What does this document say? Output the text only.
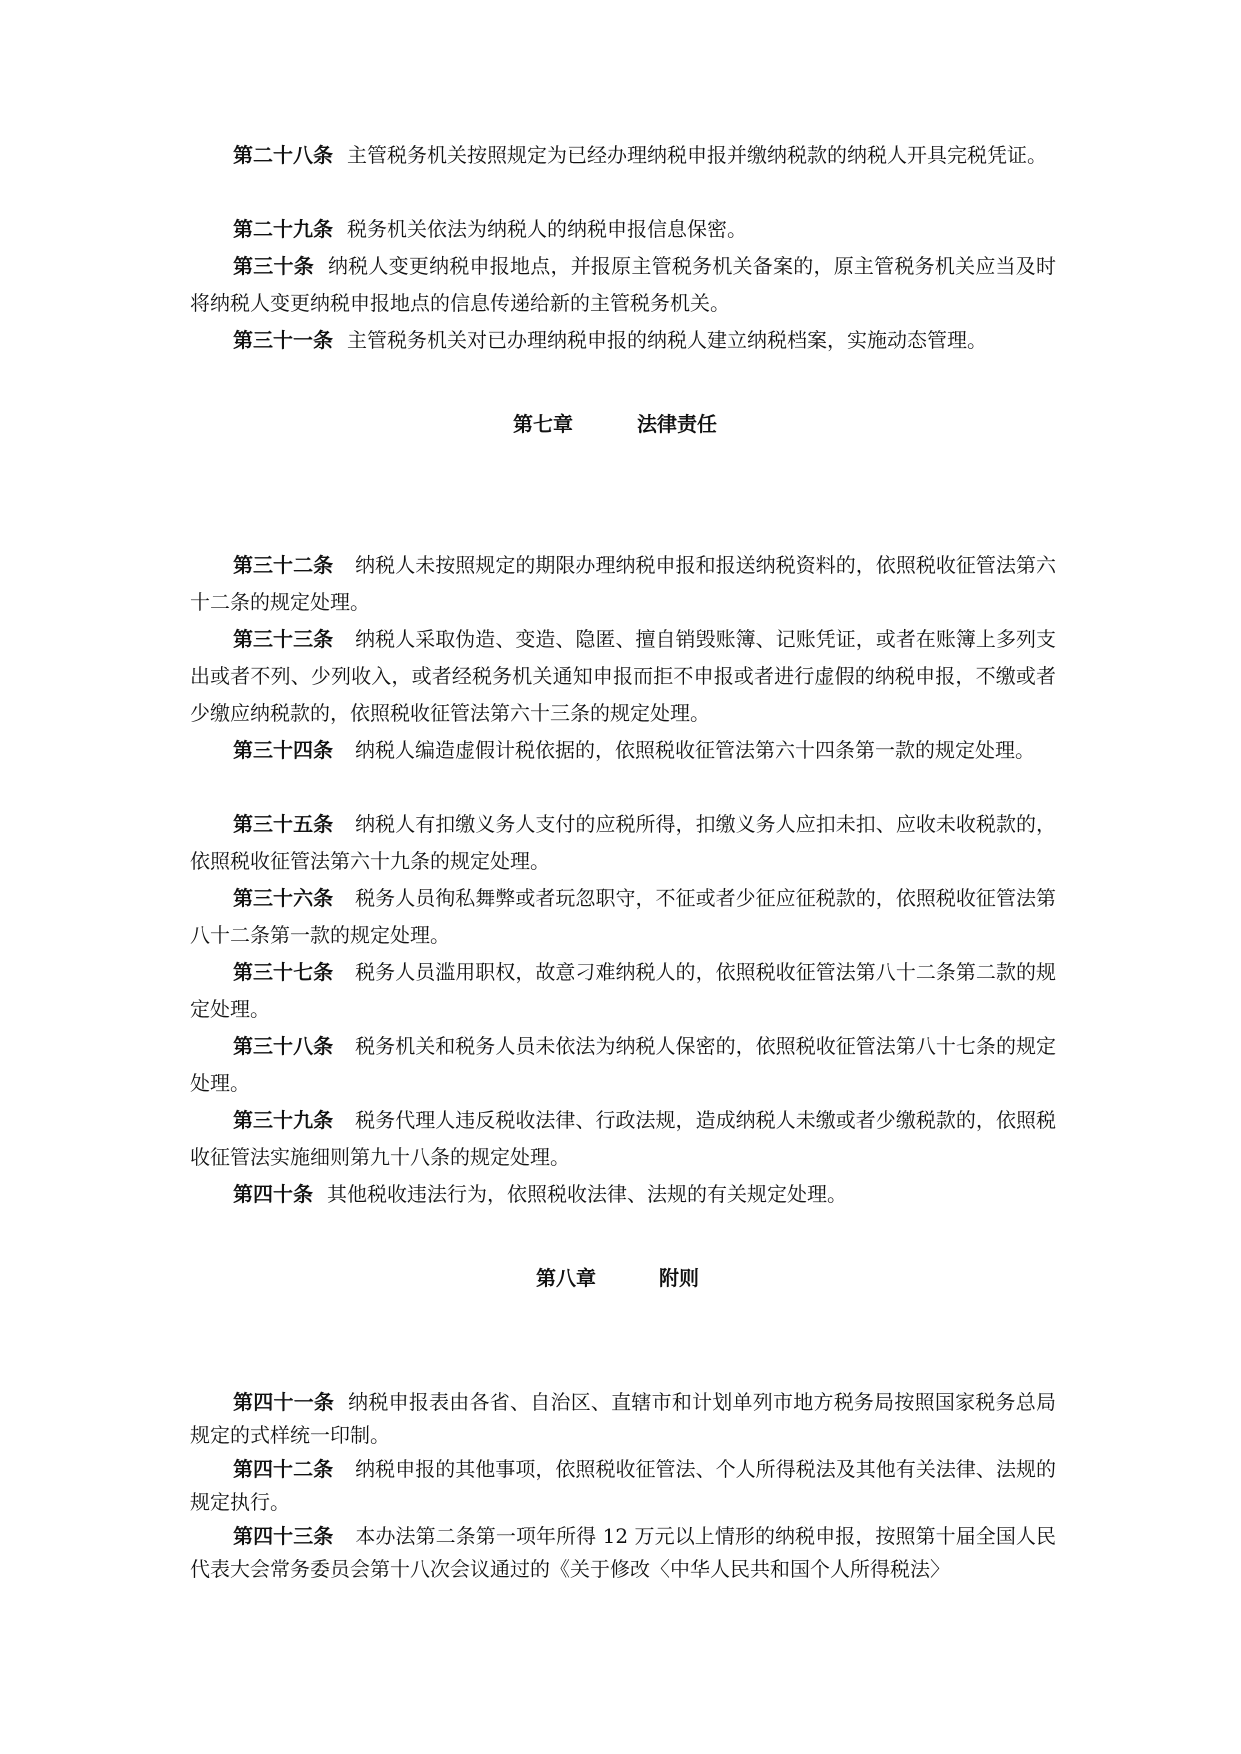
第二十八条 主管税务机关按照规定为已经办理纳税申报并缴纳税款的纳税人开具完税凭证。

第二十九条 税务机关依法为纳税人的纳税申报信息保密。

第三十条 纳税人变更纳税申报地点，并报原主管税务机关备案的，原主管税务机关应当及时将纳税人变更纳税申报地点的信息传递给新的主管税务机关。

第三十一条 主管税务机关对已办理纳税申报的纳税人建立纳税档案，实施动态管理。

第七章	法律责任

第三十二条 纳税人未按照规定的期限办理纳税申报和报送纳税资料的，依照税收征管法第六十二条的规定处理。

第三十三条 纳税人采取伪造、变造、隐匿、擅自销毁账簿、记账凭证，或者在账簿上多列支出或者不列、少列收入，或者经税务机关通知申报而拒不申报或者进行虚假的纳税申报，不缴或者少缴应纳税款的，依照税收征管法第六十三条的规定处理。

第三十四条 纳税人编造虚假计税依据的，依照税收征管法第六十四条第一款的规定处理。

第三十五条 纳税人有扣缴义务人支付的应税所得，扣缴义务人应扣未扣、应收未收税款的，依照税收征管法第六十九条的规定处理。

第三十六条 税务人员徇私舞弊或者玩忽职守，不征或者少征应征税款的，依照税收征管法第八十二条第一款的规定处理。

第三十七条 税务人员滥用职权，故意刁难纳税人的，依照税收征管法第八十二条第二款的规定处理。

第三十八条 税务机关和税务人员未依法为纳税人保密的，依照税收征管法第八十七条的规定处理。

第三十九条 税务代理人违反税收法律、行政法规，造成纳税人未缴或者少缴税款的，依照税收征管法实施细则第九十八条的规定处理。

第四十条 其他税收违法行为，依照税收法律、法规的有关规定处理。

第八章	附则

第四十一条 纳税申报表由各省、自治区、直辖市和计划单列市地方税务局按照国家税务总局规定的式样统一印制。

第四十二条 纳税申报的其他事项，依照税收征管法、个人所得税法及其他有关法律、法规的规定执行。

第四十三条 本办法第二条第一项年所得 12 万元以上情形的纳税申报，按照第十届全国人民代表大会常务委员会第十八次会议通过的《关于修改〈中华人民共和国个人所得税法〉
